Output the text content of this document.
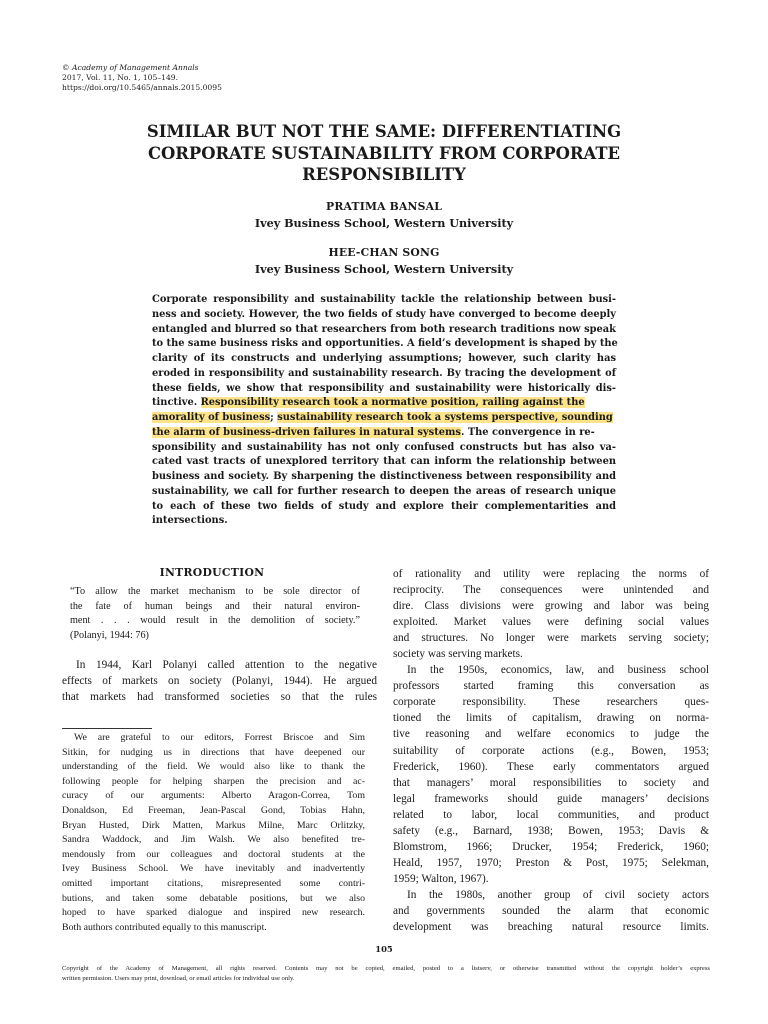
© Academy of Management Annals
2017, Vol. 11, No. 1, 105–149.
https://doi.org/10.5465/annals.2015.0095
SIMILAR BUT NOT THE SAME: DIFFERENTIATING
CORPORATE SUSTAINABILITY FROM CORPORATE
RESPONSIBILITY
PRATIMA BANSAL
Ivey Business School, Western University
HEE-CHAN SONG
Ivey Business School, Western University
Corporate responsibility and sustainability tackle the relationship between busi-
ness and society. However, the two fields of study have converged to become deeply
entangled and blurred so that researchers from both research traditions now speak
to the same business risks and opportunities. A field’s development is shaped by the
clarity of its constructs and underlying assumptions; however, such clarity has
eroded in responsibility and sustainability research. By tracing the development of
these fields, we show that responsibility and sustainability were historically dis-
tinctive. Responsibility research took a normative position, railing against the
amorality of business; sustainability research took a systems perspective, sounding
the alarm of business-driven failures in natural systems. The convergence in re-
sponsibility and sustainability has not only confused constructs but has also va-
cated vast tracts of unexplored territory that can inform the relationship between
business and society. By sharpening the distinctiveness between responsibility and
sustainability, we call for further research to deepen the areas of research unique
to each of these two fields of study and explore their complementarities and
intersections.
INTRODUCTION
“To allow the market mechanism to be sole director of
the fate of human beings and their natural environ-
ment . . . would result in the demolition of society.”
(Polanyi, 1944: 76)
In 1944, Karl Polanyi called attention to the negative
effects of markets on society (Polanyi, 1944). He argued
that markets had transformed societies so that the rules
We are grateful to our editors, Forrest Briscoe and Sim
Sitkin, for nudging us in directions that have deepened our
understanding of the field. We would also like to thank the
following people for helping sharpen the precision and ac-
curacy of our arguments: Alberto Aragon-Correa, Tom
Donaldson, Ed Freeman, Jean-Pascal Gond, Tobias Hahn,
Bryan Husted, Dirk Matten, Markus Milne, Marc Orlitzky,
Sandra Waddock, and Jim Walsh. We also benefited tre-
mendously from our colleagues and doctoral students at the
Ivey Business School. We have inevitably and inadvertently
omitted important citations, misrepresented some contri-
butions, and taken some debatable positions, but we also
hoped to have sparked dialogue and inspired new research.
Both authors contributed equally to this manuscript.
of rationality and utility were replacing the norms of
reciprocity. The consequences were unintended and
dire. Class divisions were growing and labor was being
exploited. Market values were defining social values
and structures. No longer were markets serving society;
society was serving markets.
In the 1950s, economics, law, and business school
professors started framing this conversation as
corporate responsibility. These researchers ques-
tioned the limits of capitalism, drawing on norma-
tive reasoning and welfare economics to judge the
suitability of corporate actions (e.g., Bowen, 1953;
Frederick, 1960). These early commentators argued
that managers’ moral responsibilities to society and
legal frameworks should guide managers’ decisions
related to labor, local communities, and product
safety (e.g., Barnard, 1938; Bowen, 1953; Davis &
Blomstrom, 1966; Drucker, 1954; Frederick, 1960;
Heald, 1957, 1970; Preston & Post, 1975; Selekman,
1959; Walton, 1967).
In the 1980s, another group of civil society actors
and governments sounded the alarm that economic
development was breaching natural resource limits.
105
Copyright of the Academy of Management, all rights reserved. Contents may not be copied, emailed, posted to a listserv, or otherwise transmitted without the copyright holder’s express
written permission. Users may print, download, or email articles for individual use only.
